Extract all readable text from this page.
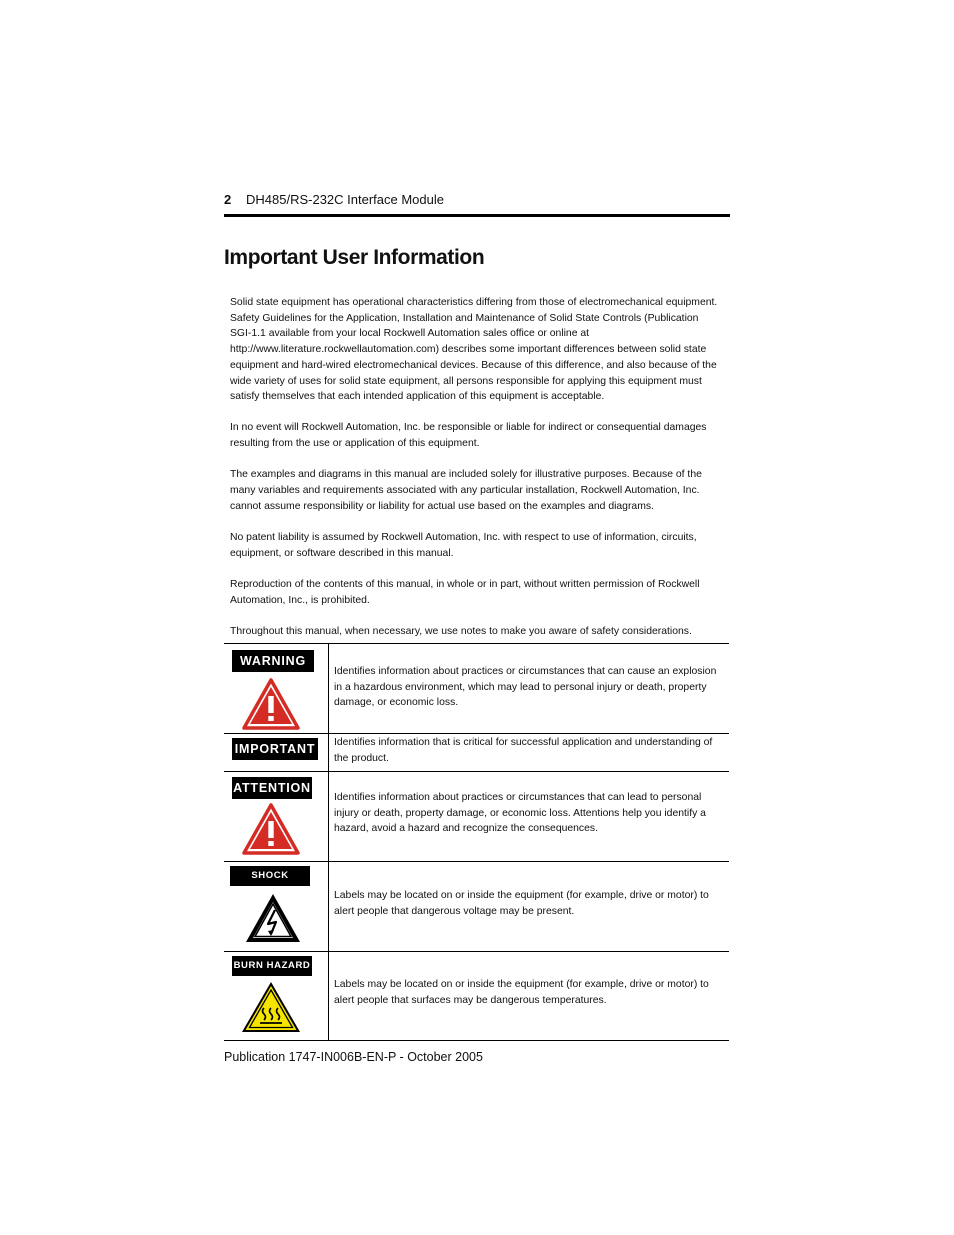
2 DH485/RS-232C Interface Module
Important User Information

Solid state equipment has operational characteristics differing from those of electromechanical equipment. Safety Guidelines for the Application, Installation and Maintenance of Solid State Controls (Publication SGI-1.1 available from your local Rockwell Automation sales office or online at http://www.literature.rockwellautomation.com) describes some important differences between solid state equipment and hard-wired electromechanical devices. Because of this difference, and also because of the wide variety of uses for solid state equipment, all persons responsible for applying this equipment must satisfy themselves that each intended application of this equipment is acceptable.

In no event will Rockwell Automation, Inc. be responsible or liable for indirect or consequential damages resulting from the use or application of this equipment.

The examples and diagrams in this manual are included solely for illustrative purposes. Because of the many variables and requirements associated with any particular installation, Rockwell Automation, Inc. cannot assume responsibility or liability for actual use based on the examples and diagrams.

No patent liability is assumed by Rockwell Automation, Inc. with respect to use of information, circuits, equipment, or software described in this manual.

Reproduction of the contents of this manual, in whole or in part, without written permission of Rockwell Automation, Inc., is prohibited.

Throughout this manual, when necessary, we use notes to make you aware of safety considerations.

WARNING
Identifies information about practices or circumstances that can cause an explosion in a hazardous environment, which may lead to personal injury or death, property damage, or economic loss.
IMPORTANT Identifies information that is critical for successful application and understanding of the product.
ATTENTION
Identifies information about practices or circumstances that can lead to personal injury or death, property damage, or economic loss. Attentions help you identify a hazard, avoid a hazard and recognize the consequences.
SHOCK HAZARD	Labels may be located on or inside the equipment (for example, drive or motor) to alert people that dangerous voltage may be present.
BURN HAZARD
Labels may be located on or inside the equipment (for example, drive or motor) to alert people that surfaces may be dangerous temperatures.
Publication 1747-IN006B-EN-P - October 2005
